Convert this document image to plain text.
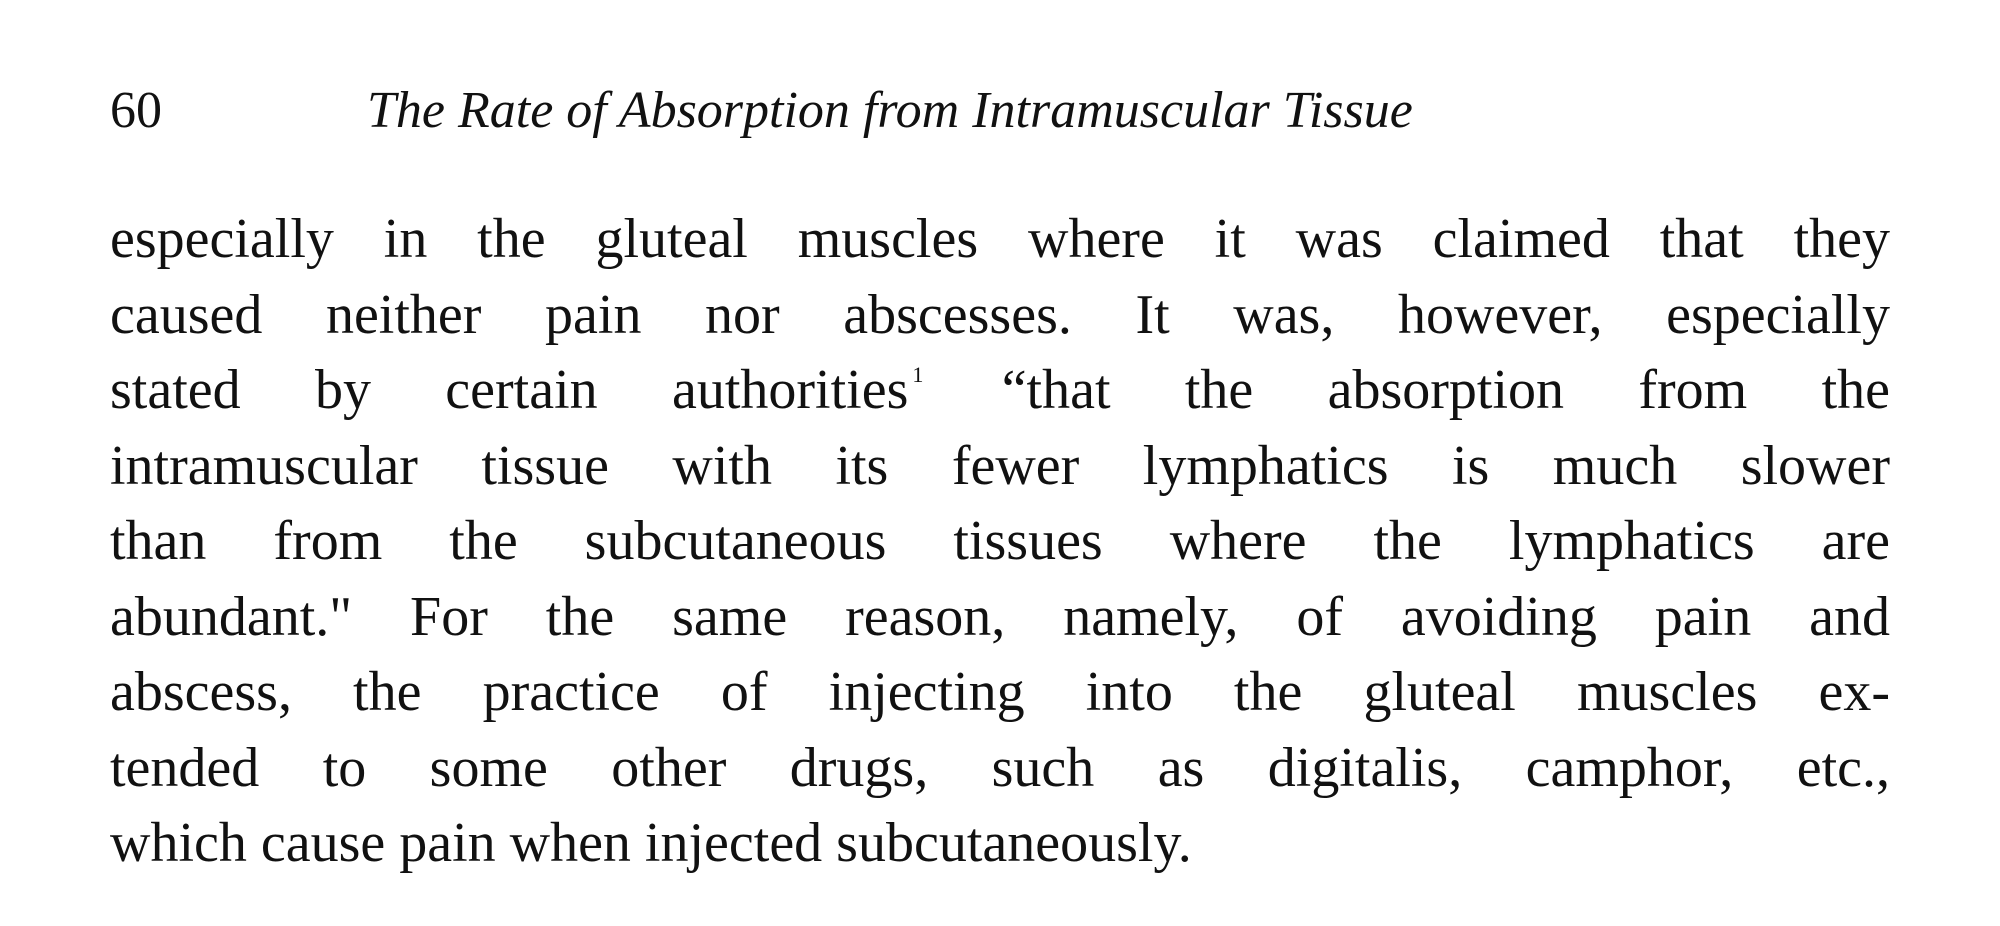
60	The Rate of Absorption from Intramuscular Tissue
especially in the gluteal muscles where it was claimed that they
caused neither pain nor abscesses. It was, however, especially
stated by certain authorities $^1$ “that the absorption from the
intramuscular tissue with its fewer lymphatics is much slower
than from the subcutaneous tissues where the lymphatics are
abundant." For the same reason, namely, of avoiding pain and
abscess, the practice of injecting into the gluteal muscles ex-
tended to some other drugs, such as digitalis, camphor, etc.,
which cause pain when injected subcutaneously.
